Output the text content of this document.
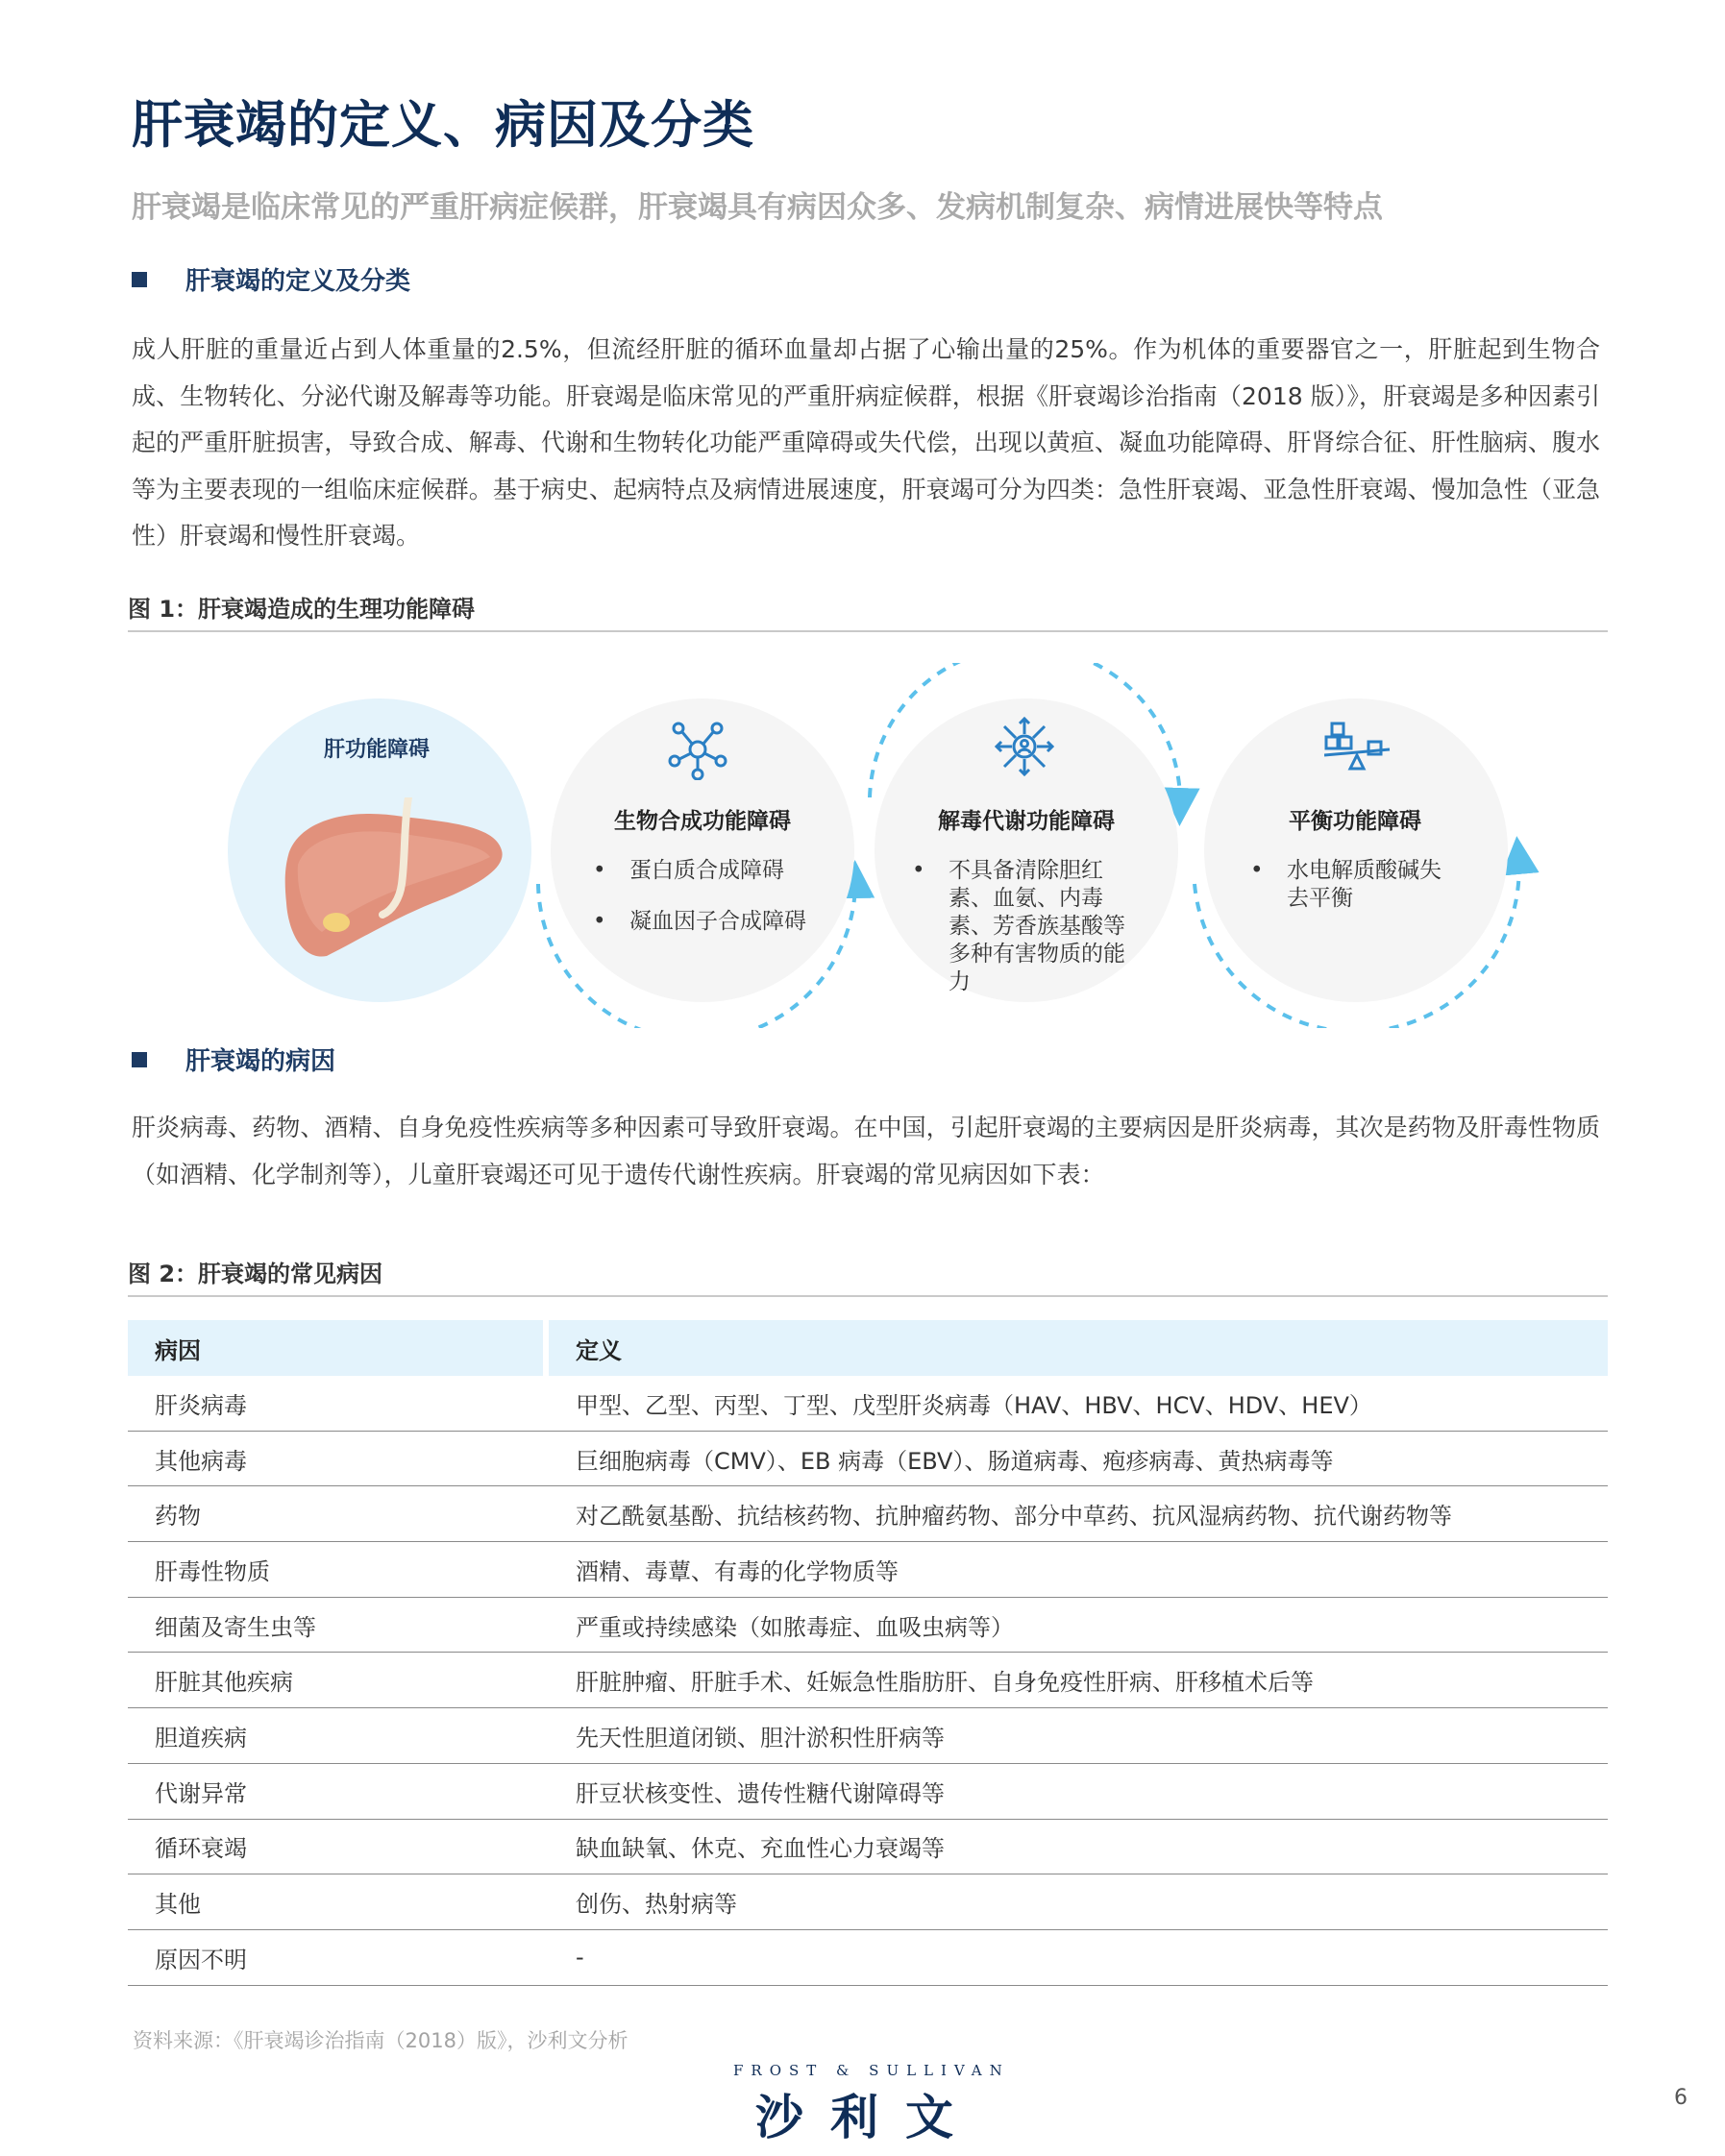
肝衰竭的定义、病因及分类
肝衰竭是临床常见的严重肝病症候群，肝衰竭具有病因众多、发病机制复杂、病情进展快等特点
肝衰竭的定义及分类
成人肝脏的重量近占到人体重量的2.5%，但流经肝脏的循环血量却占据了心输出量的25%。作为机体的重要器官之一，肝脏起到生物合成、生物转化、分泌代谢及解毒等功能。肝衰竭是临床常见的严重肝病症候群，根据《肝衰竭诊治指南（2018 版）》，肝衰竭是多种因素引起的严重肝脏损害，导致合成、解毒、代谢和生物转化功能严重障碍或失代偿，出现以黄疸、凝血功能障碍、肝肾综合征、肝性脑病、腹水等为主要表现的一组临床症候群。基于病史、起病特点及病情进展速度，肝衰竭可分为四类：急性肝衰竭、亚急性肝衰竭、慢加急性（亚急性）肝衰竭和慢性肝衰竭。
图 1：肝衰竭造成的生理功能障碍
肝功能障碍
生物合成功能障碍
• 蛋白质合成障碍
• 凝血因子合成障碍
解毒代谢功能障碍
• 不具备清除胆红素、血氨、内毒素、芳香族基酸等多种有害物质的能力
平衡功能障碍
• 水电解质酸碱失去平衡
肝衰竭的病因
肝炎病毒、药物、酒精、自身免疫性疾病等多种因素可导致肝衰竭。在中国，引起肝衰竭的主要病因是肝炎病毒，其次是药物及肝毒性物质（如酒精、化学制剂等），儿童肝衰竭还可见于遗传代谢性疾病。肝衰竭的常见病因如下表：
图 2：肝衰竭的常见病因
病因	定义
肝炎病毒	甲型、乙型、丙型、丁型、戊型肝炎病毒（HAV、HBV、HCV、HDV、HEV）
其他病毒	巨细胞病毒（CMV）、EB 病毒（EBV）、肠道病毒、疱疹病毒、黄热病毒等
药物	对乙酰氨基酚、抗结核药物、抗肿瘤药物、部分中草药、抗风湿病药物、抗代谢药物等
肝毒性物质	酒精、毒蕈、有毒的化学物质等
细菌及寄生虫等	严重或持续感染（如脓毒症、血吸虫病等）
肝脏其他疾病	肝脏肿瘤、肝脏手术、妊娠急性脂肪肝、自身免疫性肝病、肝移植术后等
胆道疾病	先天性胆道闭锁、胆汁淤积性肝病等
代谢异常	肝豆状核变性、遗传性糖代谢障碍等
循环衰竭	缺血缺氧、休克、充血性心力衰竭等
其他	创伤、热射病等
原因不明	-
资料来源：《肝衰竭诊治指南（2018）版》，沙利文分析
FROST & SULLIVAN
沙利文	6
